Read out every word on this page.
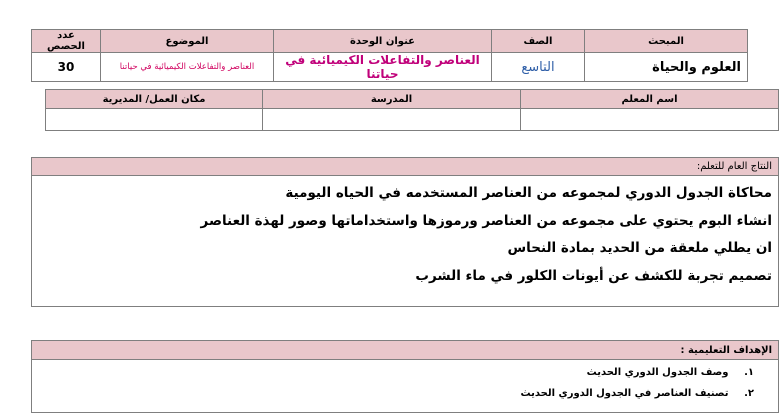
المبحث	الصف	عنوان الوحدة	الموضوع	عدد الحصص
العلوم والحياة	التاسع	العناصر والتفاعلات الكيميائية في حياتنا	العناصر والتفاعلات الكيميائية في حياتنا	30
اسم المعلم	المدرسة	مكان العمل/ المديرية

النتاج العام للتعلم:

محاكاة الجدول الدوري لمجموعه من العناصر المستخدمه في الحياه اليومية
انشاء البوم يحتوي على مجموعه من العناصر ورموزها واستخداماتها وصور لهذة العناصر
ان يطلي ملعقة من الحديد بمادة النحاس
تصميم تجربة للكشف عن أيونات الكلور في ماء الشرب
الإهداف التعليمية :

١. وصف الجدول الدوري الحديث
٢. تصنيف العناصر في الجدول الدوري الحديث
